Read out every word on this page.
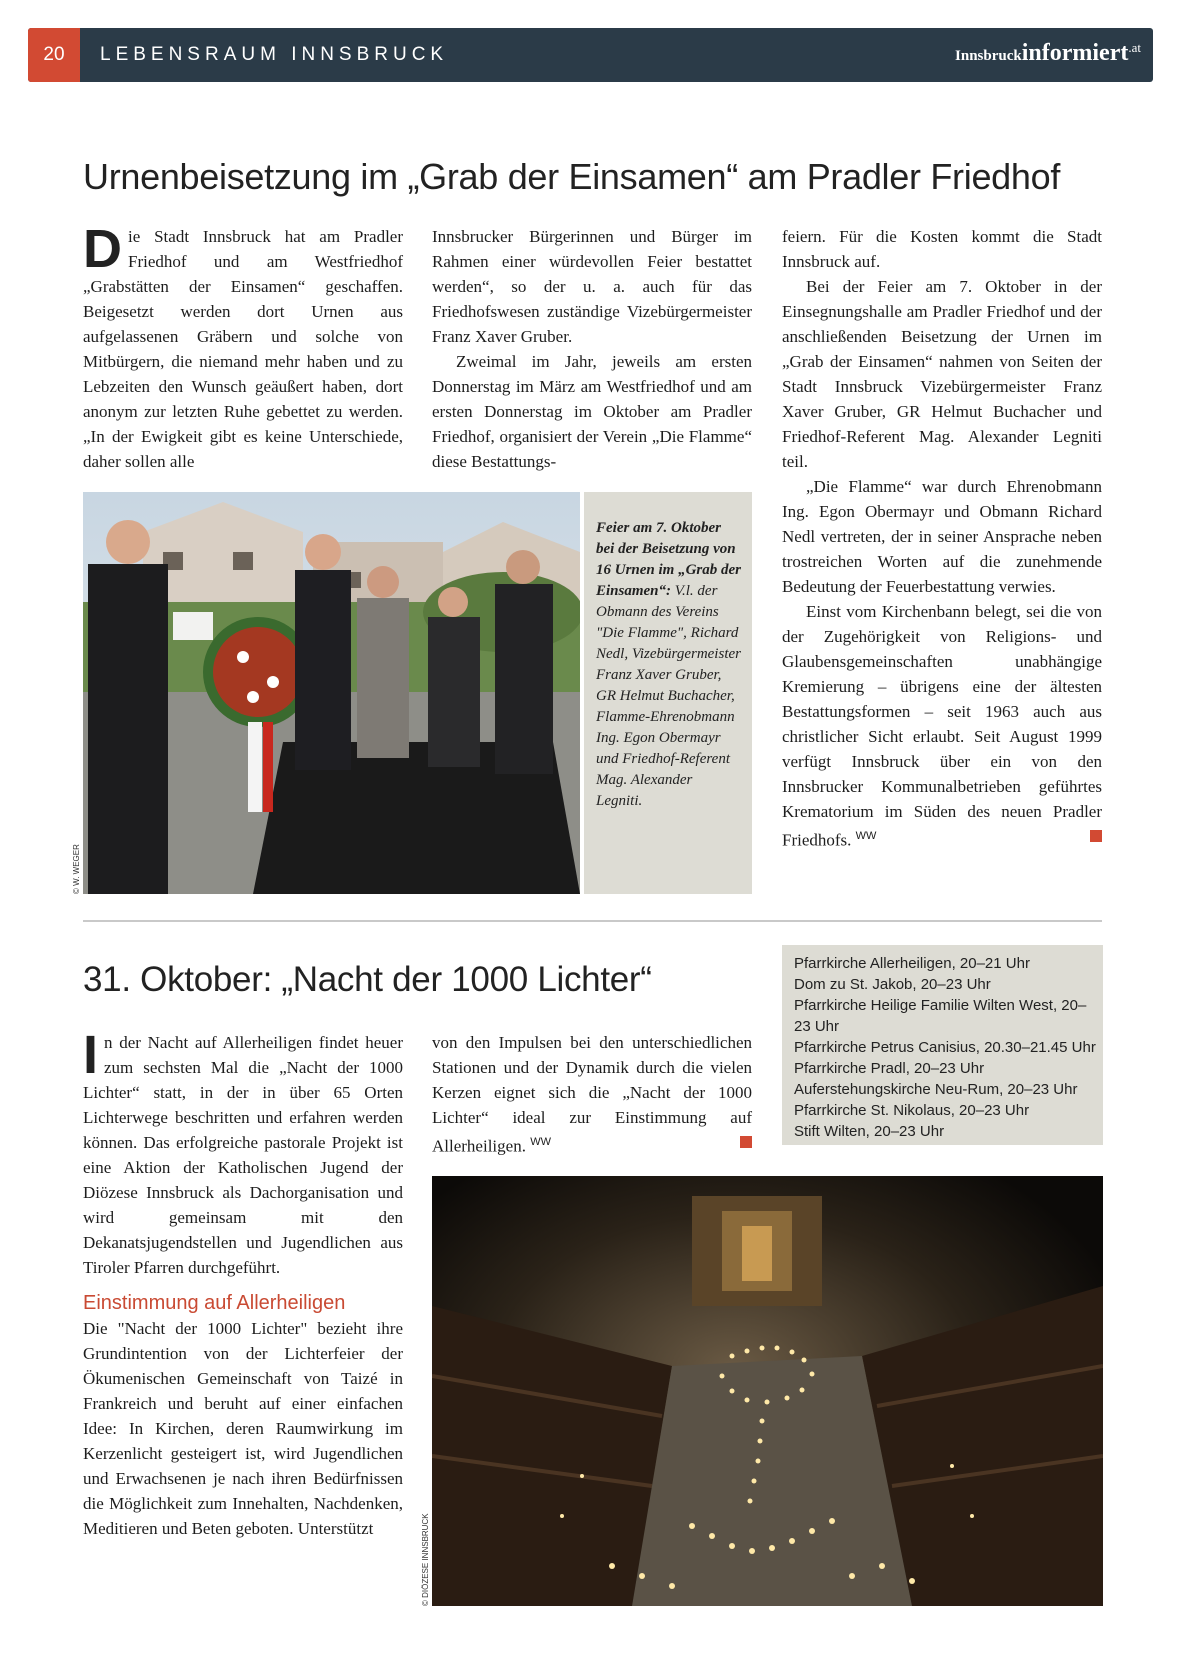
20	LEBENSRAUM INNSBRUCK	Innsbruckinformiert$^{.at}$
Urnenbeisetzung im „Grab der Einsamen“ am Pradler Friedhof

Die Stadt Innsbruck hat am Pradler Friedhof und am Westfriedhof „Grabstätten der Einsamen“ geschaffen. Beigesetzt werden dort Urnen aus aufgelassenen Gräbern und solche von Mitbürgern, die niemand mehr haben und zu Lebzeiten den Wunsch geäußert haben, dort anonym zur letzten Ruhe gebettet zu werden. „In der Ewigkeit gibt es keine Unterschiede, daher sollen alle

Innsbrucker Bürgerinnen und Bürger im Rahmen einer würdevollen Feier bestattet werden“, so der u. a. auch für das Friedhofswesen zuständige Vizebürgermeister Franz Xaver Gruber.

Zweimal im Jahr, jeweils am ersten Donnerstag im März am Westfriedhof und am ersten Donnerstag im Oktober am Pradler Friedhof, organisiert der Verein „Die Flamme“ diese Bestattungs-

feiern. Für die Kosten kommt die Stadt Innsbruck auf.

Bei der Feier am 7. Oktober in der Einsegnungshalle am Pradler Friedhof und der anschließenden Beisetzung der Urnen im „Grab der Einsamen“ nahmen von Seiten der Stadt Innsbruck Vizebürgermeister Franz Xaver Gruber, GR Helmut Buchacher und Friedhof-Referent Mag. Alexander Legniti teil.

„Die Flamme“ war durch Ehrenobmann Ing. Egon Obermayr und Obmann Richard Nedl vertreten, der in seiner Ansprache neben trostreichen Worten auf die zunehmende Bedeutung der Feuerbestattung verwies.

Einst vom Kirchenbann belegt, sei die von der Zugehörigkeit von Religions- und Glaubensgemeinschaften unabhängige Kremierung – übrigens eine der ältesten Bestattungsformen – seit 1963 auch aus christlicher Sicht erlaubt. Seit August 1999 verfügt Innsbruck über ein von den Innsbrucker Kommunalbetrieben geführtes Krematorium im Süden des neuen Pradler Friedhofs. $^{WW}$

© W. WEGER
Feier am 7. Oktober bei der Beisetzung von 16 Urnen im „Grab der Einsamen“: V.l. der Obmann des Vereins "Die Flamme", Richard Nedl, Vizebürgermeister Franz Xaver Gruber, GR Helmut Buchacher, Flamme-Ehrenobmann Ing. Egon Obermayr und Friedhof-Referent Mag. Alexander Legniti.
31. Oktober: „Nacht der 1000 Lichter“

In der Nacht auf Allerheiligen findet heuer zum sechsten Mal die „Nacht der 1000 Lichter“ statt, in der in über 65 Orten Lichterwege beschritten und erfahren werden können. Das erfolgreiche pastorale Projekt ist eine Aktion der Katholischen Jugend der Diözese Innsbruck als Dachorganisation und wird gemeinsam mit den Dekanatsjugendstellen und Jugendlichen aus Tiroler Pfarren durchgeführt.

Einstimmung auf Allerheiligen

Die "Nacht der 1000 Lichter" bezieht ihre Grundintention von der Lichterfeier der Ökumenischen Gemeinschaft von Taizé in Frankreich und beruht auf einer einfachen Idee: In Kirchen, deren Raumwirkung im Kerzenlicht gesteigert ist, wird Jugendlichen und Erwachsenen je nach ihren Bedürfnissen die Möglichkeit zum Innehalten, Nachdenken, Meditieren und Beten geboten. Unterstützt

von den Impulsen bei den unterschiedlichen Stationen und der Dynamik durch die vielen Kerzen eignet sich die „Nacht der 1000 Lichter“ ideal zur Einstimmung auf Allerheiligen. $^{WW}$

Pfarrkirche Allerheiligen, 20–21 Uhr
Dom zu St. Jakob, 20–23 Uhr
Pfarrkirche Heilige Familie Wilten West, 20–23 Uhr
Pfarrkirche Petrus Canisius, 20.30–21.45 Uhr
Pfarrkirche Pradl, 20–23 Uhr
Auferstehungskirche Neu-Rum, 20–23 Uhr
Pfarrkirche St. Nikolaus, 20–23 Uhr
Stift Wilten, 20–23 Uhr
© DIÖZESE INNSBRUCK
